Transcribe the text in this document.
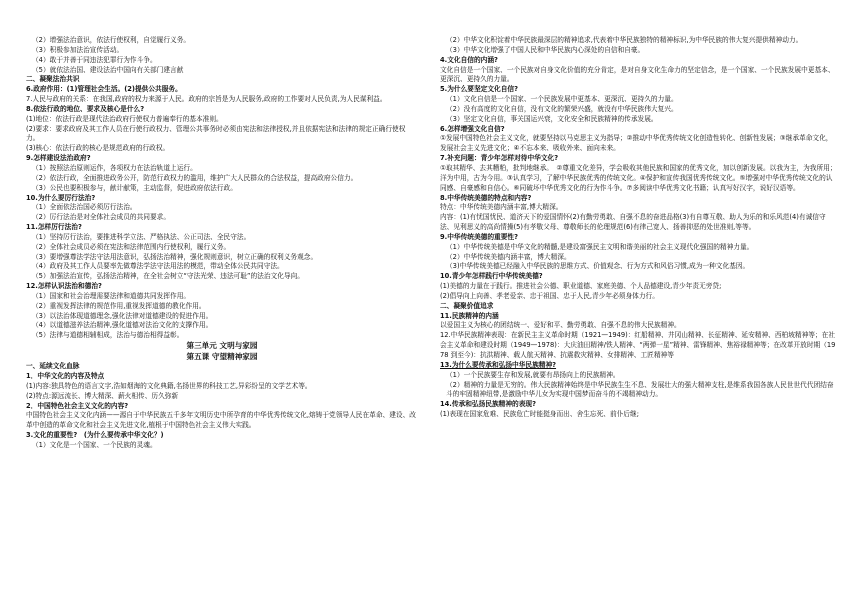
（2）增强法治意识，依法行使权利，自觉履行义务。

（3）积极参加法治宣传活动。

（4）敢于并善于同违法犯罪行为作斗争。

（5）就依法治国、建设法治中国向有关部门建言献

二、凝聚法治共识

6.政府作用：(1)管理社会生活。(2)提供公共服务。

7.人民与政府的关系：在我国,政府的权力来源于人民。政府的宗旨是为人民服务,政府的工作要对人民负责,为人民谋利益。

8.依法行政的地位、要求及核心是什么?

(1)地位：依法行政是现代法治政府行使权力普遍奉行的基本准则。

(2)要求：要求政府及其工作人员在行使行政权力、管理公共事务时必须由宪法和法律授权,并且依据宪法和法律的规定正确行使权力。

(3)核心：依法行政的核心是规范政府的行政权。

9.怎样建设法治政府?

（1）按照法治原则运作，各项权力在法治轨道上运行。

（2）依法行政，全面推进政务公开，防范行政权力的滥用，维护广大人民群众的合法权益，提高政府公信力。

（3）公民也要积极参与，献计献策，主动监督，促进政府依法行政。

10.为什么要厉行法治?

（1）全面依法治国必须厉行法治。

（2）厉行法治是对全体社会成员的共同要求。

11.怎样厉行法治?

（1）坚持厉行法治，要推进科学立法、严格执法、公正司法、全民守法。

（2）全体社会成员必须在宪法和法律范围内行使权利，履行义务。

（3）要增强尊法学法守法用法意识，弘扬法治精神，强化规则意识，树立正确的权利义务观念。

（4）政府及其工作人员要率先做尊法学法守法用法的模范，带动全体公民共同守法。

（5）加强法治宣传，弘扬法治精神，在全社会树立“守法光荣、违法可耻”的法治文化导向。

12.怎样认识法治和德治?

（1）国家和社会治理需要法律和道德共同发挥作用。

（2）重视发挥法律的规范作用,重视发挥道德的教化作用。

（3）以法治体现道德理念,强化法律对道德建设的促进作用。

（4）以道德滋养法治精神,强化道德对法治文化的支撑作用。

（5）法律与道德相辅相成，法治与德治相得益彰。

第三单元 文明与家园

第五课 守望精神家园

一、延续文化血脉

1．中华文化的内容及特点

(1)内容:独具特色的语言文字,浩如烟海的文化典籍,名扬世界的科技工艺,异彩纷呈的文学艺术等。

(2)特点:源远流长、博大精深、薪火相传、历久弥新

2．中国特色社会主义文化的内容?

中国特色社会主义文化内涵——源自于中华民族五千多年文明历史中所孕育的中华优秀传统文化,熔铸于党领导人民在革命、建设、改革中创造的革命文化和社会主义先进文化,植根于中国特色社会主义伟大实践。

3.文化的重要性?　(为什么要传承中华文化？)

（1）文化是一个国家、一个民族的灵魂。

（2）中华文化积淀着中华民族最深层的精神追求,代表着中华民族独特的精神标识,为中华民族的伟大复兴提供精神动力。

（3）中华文化增强了中国人民和中华民族内心深处的自信和自豪。

4.文化自信的内涵?

文化自信是一个国家、一个民族对自身文化价值的充分肯定，是对自身文化生命力的坚定信念，是一个国家、一个民族发展中更基本、更深沉、更持久的力量。

5.为什么要坚定文化自信?

（1）文化自信是一个国家、一个民族发展中更基本、更深沉、更持久的力量。

（2）没有高度的文化自信，没有文化的繁荣兴盛，就没有中华民族伟大复兴。

（3）坚定文化自信，事关国运兴衰，文化安全和民族精神的传承发展。

6.怎样增强文化自信?

①发展中国特色社会主义文化，就要坚持以马克思主义为指导；②推动中华优秀传统文化创造性转化、创新性发展；③继承革命文化，发展社会主义先进文化；④不忘本来、吸收外来、面向未来。

7.补充问题：青少年怎样对待中华文化?

①取其精华、去其糟粕，批判地继承。　②尊重文化差异，学会吸收其他民族和国家的优秀文化，加以创新发展。以我为主，为我所用；洋为中用，古为今用。③认真学习，了解中华民族优秀的传统文化。④保护和宣传我国优秀传统文化。⑤增强对中华优秀传统文化的认同感、自豪感和自信心。⑥同破坏中华优秀文化的行为作斗争。⑦多阅读中华优秀文化书籍；认真写好汉字，说好汉语等。

8.中华传统美德的特点和内容?

特点：中华传统美德内涵丰富,博大精深。

内容：(1)有忧国忧民、道济天下的爱国情怀(2)有勤劳勇敢、自强不息的奋进品格(3)有自尊互敬、助人为乐的和乐风范(4)有诚信守法、见利思义的高尚情操(5)有孝敬父母、尊敬师长的伦理规范(6)有律己宽人、扬善抑恶的处世准则,等等。

9.中华传统美德的重要性?

（1）中华传统美德是中华文化的精髓,是建设富强民主文明和谐美丽的社会主义现代化强国的精神力量。

（2）中华传统美德内涵丰富，博大精深。

（3)中华传统美德已经融入中华民族的思维方式、价值观念、行为方式和风俗习惯,成为一种文化基因。

10.青少年怎样践行中华传统美德?

(1)美德的力量在于践行。推进社会公德、职业道德、家庭美德、个人品德建设,青少年责无旁贷;

(2)倡导向上向善、孝老爱亲、忠于祖国、忠于人民,青少年必须身体力行。

二、凝聚价值追求

11.民族精神的内涵

以爱国主义为核心的团结统一、爱好和平、勤劳勇敢、自强不息的伟大民族精神。

12.中华民族精神表现：在新民主主义革命时期（1921—1949)：红船精神、井冈山精神、长征精神、延安精神、西柏坡精神等；在社会主义革命和建设时期（1949—1978)：大庆油田精神/铁人精神、“两弹一星”精神、雷锋精神、焦裕禄精神等；在改革开放时期（1978 到至今)：抗洪精神、载人航天精神、抗震救灾精神、女排精神、工匠精神等

13.为什么要传承和弘扬中华民族精神?

（1）一个民族要生存和发展,就要有昂扬向上的民族精神。

（2）精神的力量是无穷的。伟大民族精神始终是中华民族生生不息、发展壮大的强大精神支柱,是维系我国各族人民世世代代团结奋斗的牢固精神纽带,是激励中华儿女为实现中国梦而奋斗的不竭精神动力。

14.传承和弘扬民族精神的表现?

(1)表现在国家危难、民族危亡时能挺身而出、舍生忘死、前仆后继;
